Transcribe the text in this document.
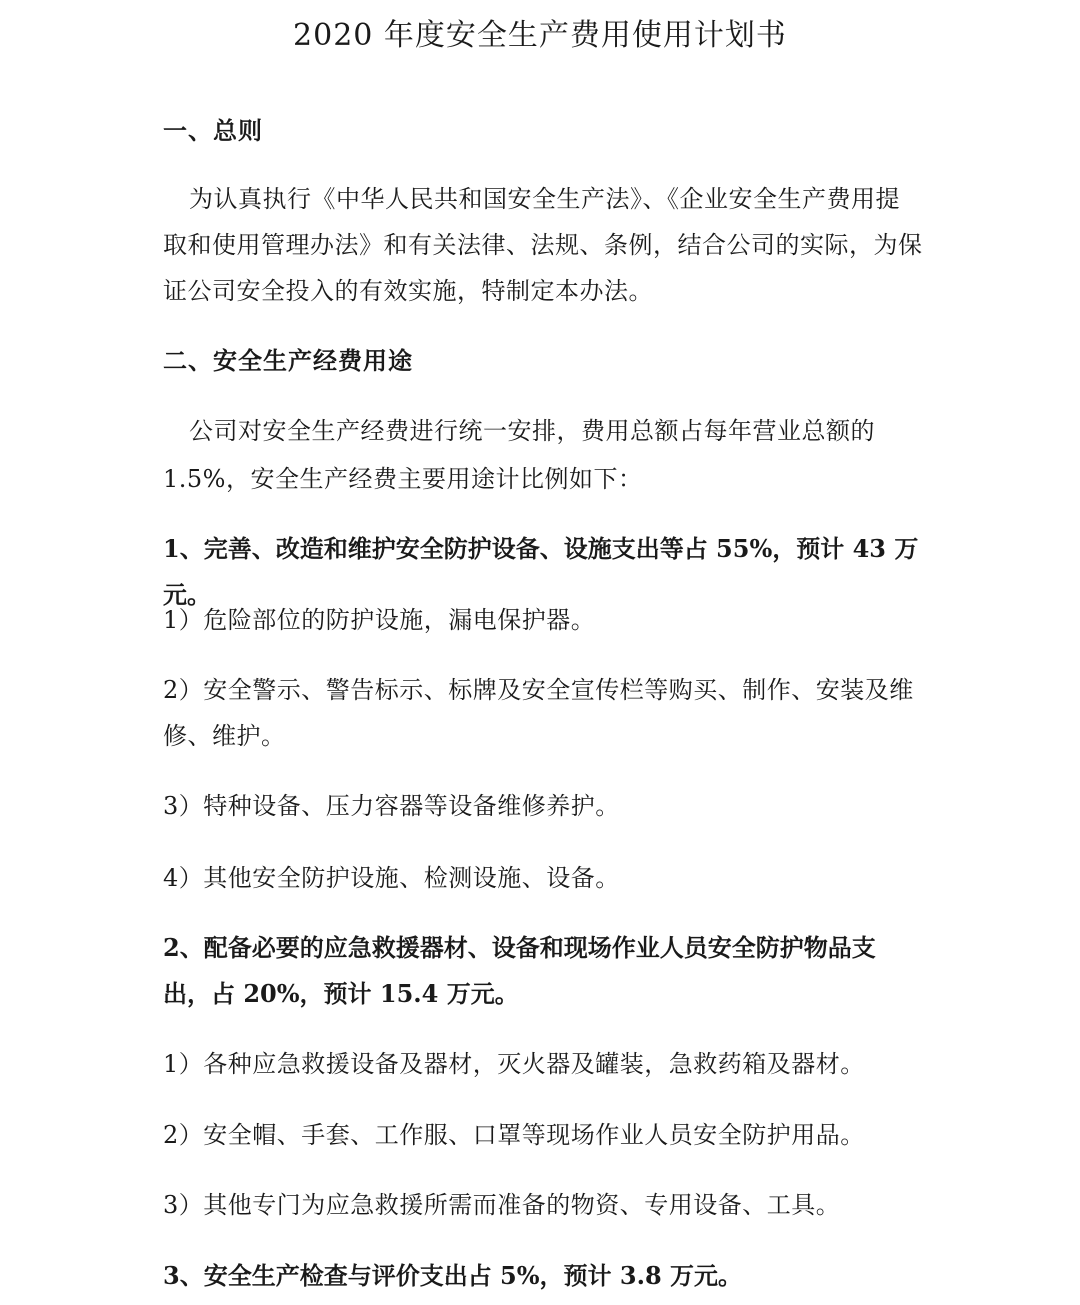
2020 年度安全生产费用使用计划书

一、总则

为认真执行《中华人民共和国安全生产法》、《企业安全生产费用提取和使用管理办法》和有关法律、法规、条例，结合公司的实际，为保证公司安全投入的有效实施，特制定本办法。

二、安全生产经费用途

公司对安全生产经费进行统一安排，费用总额占每年营业总额的

1.5%，安全生产经费主要用途计比例如下：

1、完善、改造和维护安全防护设备、设施支出等占 55%，预计 43 万元。

1）危险部位的防护设施，漏电保护器。

2）安全警示、警告标示、标牌及安全宣传栏等购买、制作、安装及维修、维护。

3）特种设备、压力容器等设备维修养护。

4）其他安全防护设施、检测设施、设备。

2、配备必要的应急救援器材、设备和现场作业人员安全防护物品支出，占 20%，预计 15.4 万元。

1）各种应急救援设备及器材，灭火器及罐装，急救药箱及器材。

2）安全帽、手套、工作服、口罩等现场作业人员安全防护用品。

3）其他专门为应急救援所需而准备的物资、专用设备、工具。

3、安全生产检查与评价支出占 5%，预计 3.8 万元。
